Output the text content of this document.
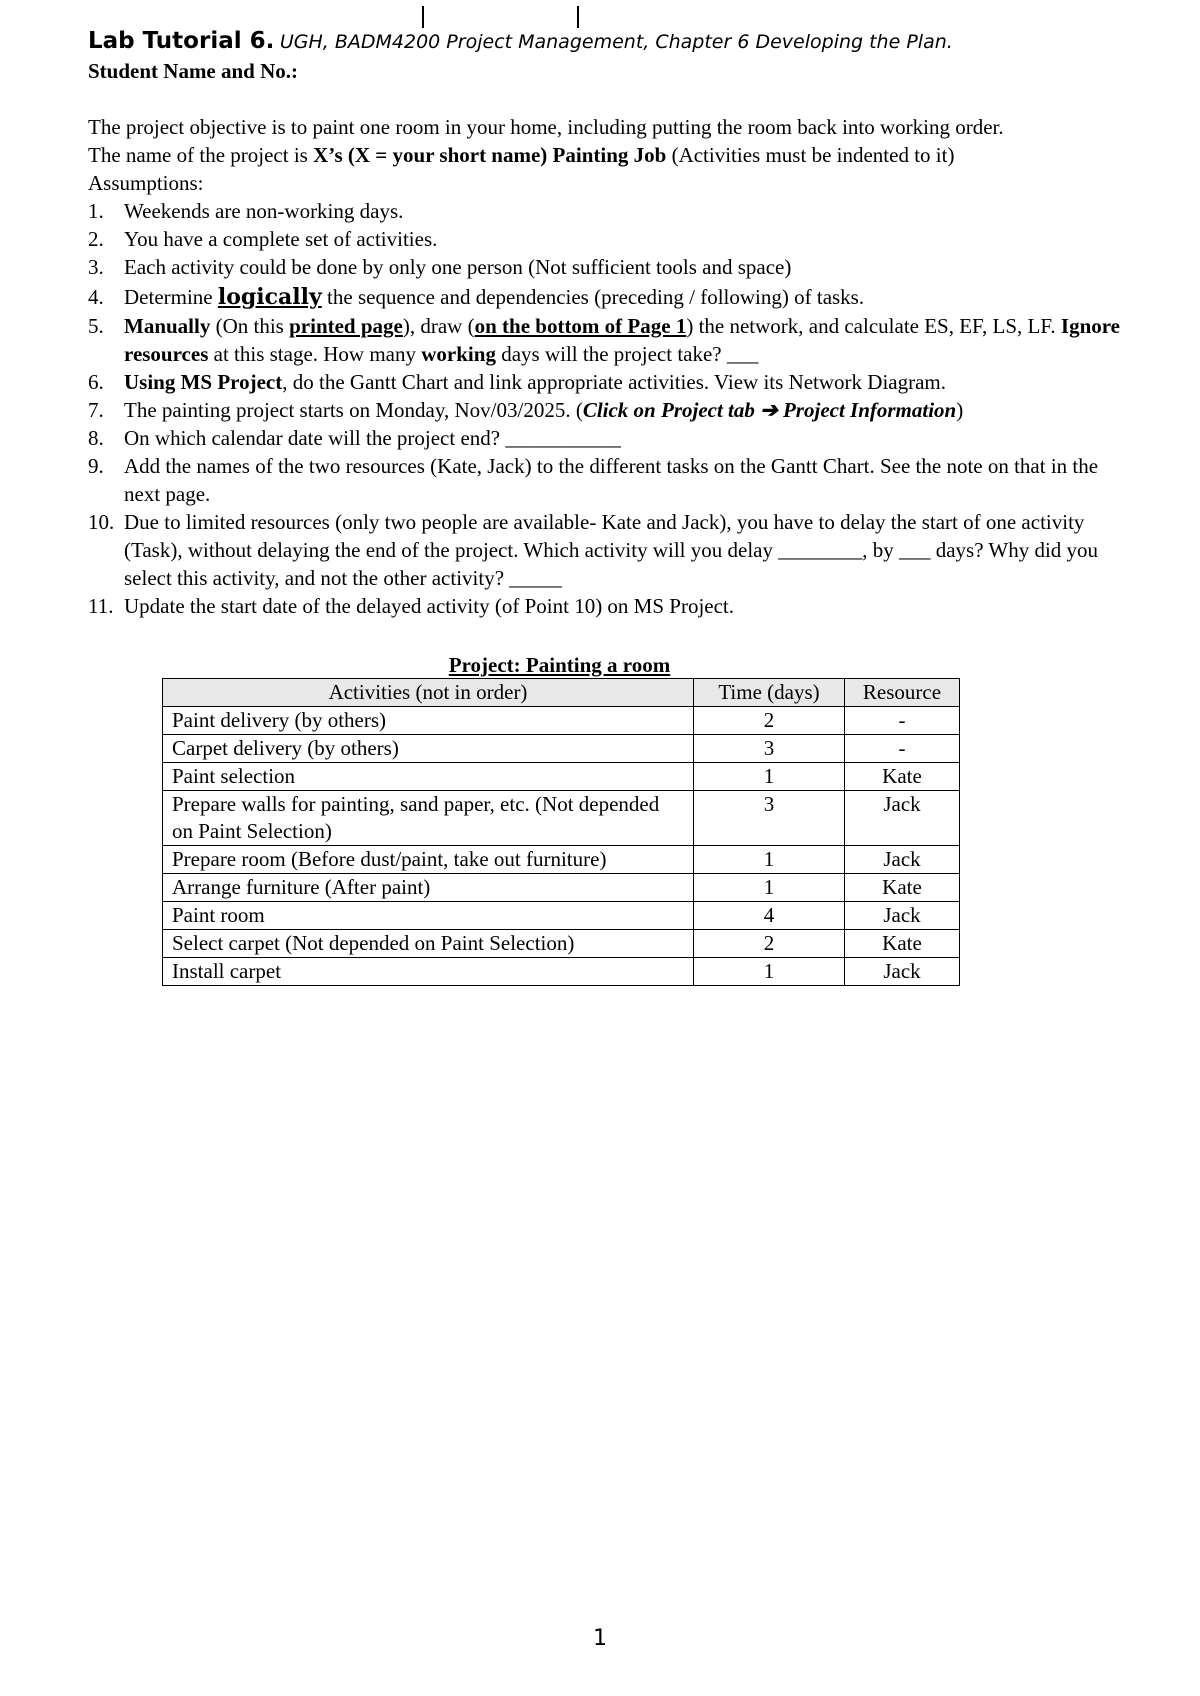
Lab Tutorial 6. UGH, BADM4200 Project Management, Chapter 6 Developing the Plan.
Student Name and No.:
The project objective is to paint one room in your home, including putting the room back into working order.
The name of the project is X’s (X = your short name) Painting Job (Activities must be indented to it)
Assumptions:
1. Weekends are non-working days.
2. You have a complete set of activities.
3. Each activity could be done by only one person (Not sufficient tools and space)
4. Determine logically the sequence and dependencies (preceding / following) of tasks.
5. Manually (On this printed page), draw (on the bottom of Page 1) the network, and calculate ES, EF, LS, LF. Ignore resources at this stage. How many working days will the project take? ___
6. Using MS Project, do the Gantt Chart and link appropriate activities. View its Network Diagram.
7. The painting project starts on Monday, Nov/03/2025. (Click on Project tab ➔ Project Information)
8. On which calendar date will the project end? ___________
9. Add the names of the two resources (Kate, Jack) to the different tasks on the Gantt Chart. See the note on that in the next page.
10. Due to limited resources (only two people are available- Kate and Jack), you have to delay the start of one activity (Task), without delaying the end of the project. Which activity will you delay ________, by ___ days? Why did you select this activity, and not the other activity? _____
11. Update the start date of the delayed activity (of Point 10) on MS Project.
Project: Painting a room
Activities (not in order)	Time (days)	Resource
Paint delivery (by others)	2	-
Carpet delivery (by others)	3	-
Paint selection	1	Kate
Prepare walls for painting, sand paper, etc. (Not depended on Paint Selection)	3	Jack
Prepare room (Before dust/paint, take out furniture)	1	Jack
Arrange furniture (After paint)	1	Kate
Paint room	4	Jack
Select carpet (Not depended on Paint Selection)	2	Kate
Install carpet	1	Jack
1
